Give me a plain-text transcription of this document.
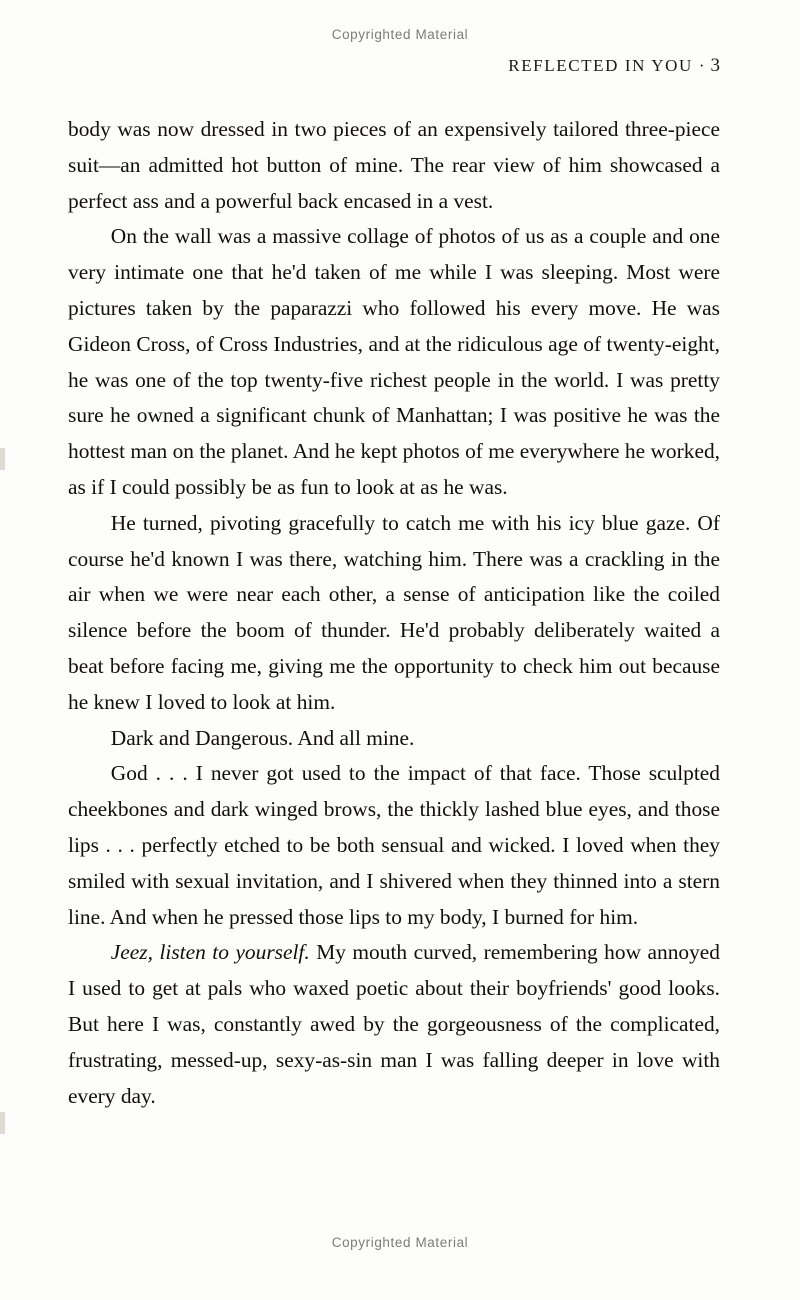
Copyrighted Material
REFLECTED IN YOU · 3

body was now dressed in two pieces of an expensively tailored three-piece suit—an admitted hot button of mine. The rear view of him showcased a perfect ass and a powerful back encased in a vest.

On the wall was a massive collage of photos of us as a couple and one very intimate one that he'd taken of me while I was sleeping. Most were pictures taken by the paparazzi who followed his every move. He was Gideon Cross, of Cross Industries, and at the ridiculous age of twenty-eight, he was one of the top twenty-five richest people in the world. I was pretty sure he owned a significant chunk of Manhattan; I was positive he was the hottest man on the planet. And he kept photos of me everywhere he worked, as if I could possibly be as fun to look at as he was.

He turned, pivoting gracefully to catch me with his icy blue gaze. Of course he'd known I was there, watching him. There was a crackling in the air when we were near each other, a sense of anticipation like the coiled silence before the boom of thunder. He'd probably deliberately waited a beat before facing me, giving me the opportunity to check him out because he knew I loved to look at him.

Dark and Dangerous. And all mine.

God . . . I never got used to the impact of that face. Those sculpted cheekbones and dark winged brows, the thickly lashed blue eyes, and those lips . . . perfectly etched to be both sensual and wicked. I loved when they smiled with sexual invitation, and I shivered when they thinned into a stern line. And when he pressed those lips to my body, I burned for him.

Jeez, listen to yourself. My mouth curved, remembering how annoyed I used to get at pals who waxed poetic about their boyfriends' good looks. But here I was, constantly awed by the gorgeousness of the complicated, frustrating, messed-up, sexy-as-sin man I was falling deeper in love with every day.

Copyrighted Material
